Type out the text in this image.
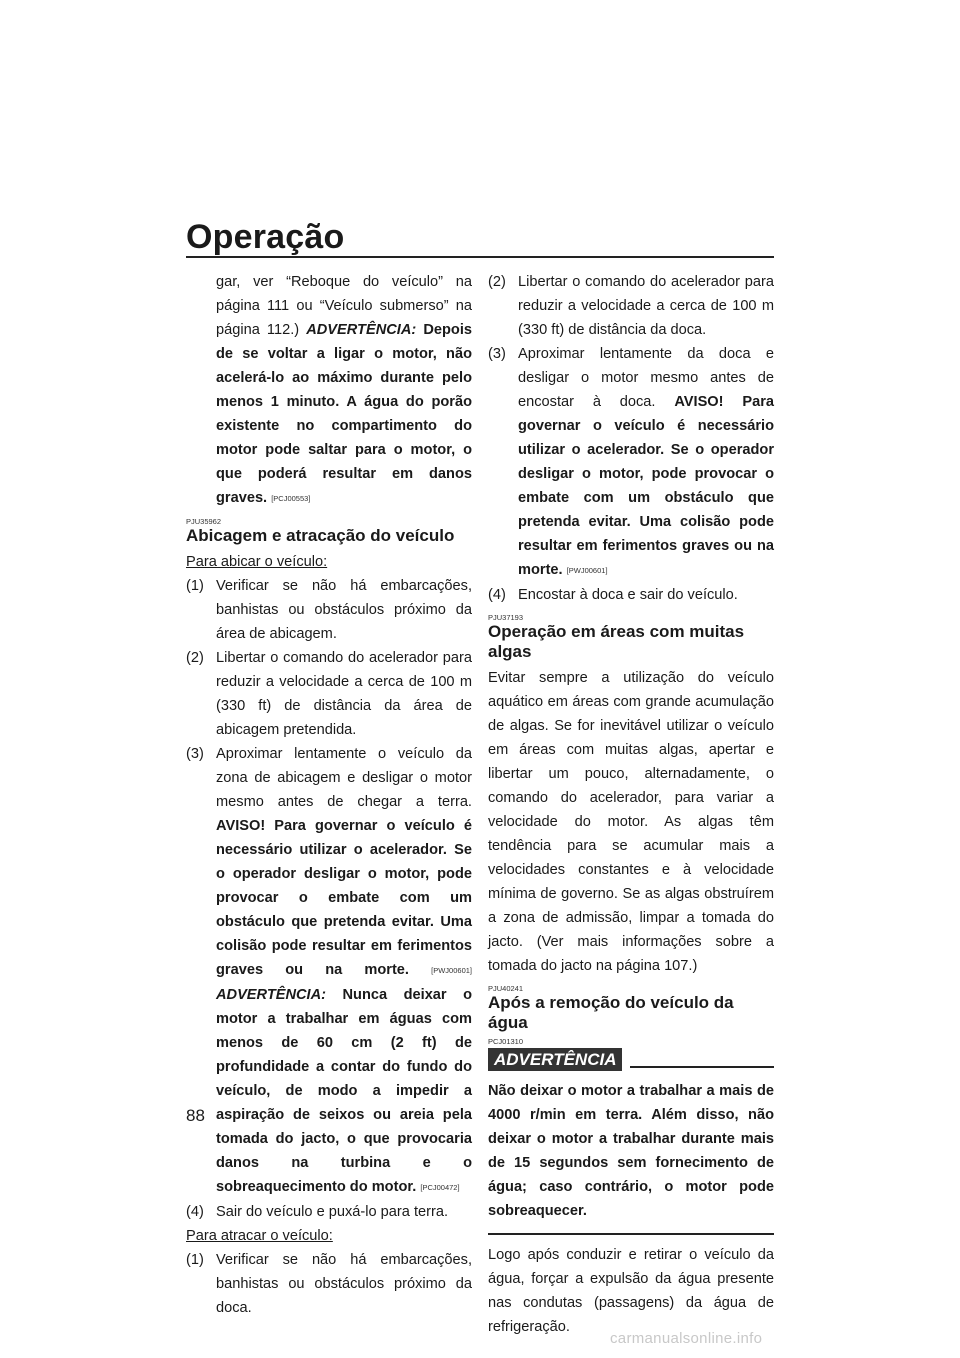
Operação
88
gar, ver “Reboque do veículo” na página 111 ou “Veículo submerso” na página 112.) ADVERTÊNCIA: Depois de se voltar a ligar o motor, não acelerá-lo ao máximo durante pelo menos 1 minuto. A água do porão existente no compartimento do motor pode saltar para o motor, o que poderá resultar em danos graves. [PCJ00553]
PJU35962
Abicagem e atracação do veículo
Para abicar o veículo:
(1) Verificar se não há embarcações, banhistas ou obstáculos próximo da área de abicagem.
(2) Libertar o comando do acelerador para reduzir a velocidade a cerca de 100 m (330 ft) de distância da área de abicagem pretendida.
(3) Aproximar lentamente o veículo da zona de abicagem e desligar o motor mesmo antes de chegar a terra. AVISO! Para governar o veículo é necessário utilizar o acelerador. Se o operador desligar o motor, pode provocar o embate com um obstáculo que pretenda evitar. Uma colisão pode resultar em ferimentos graves ou na morte.	[PWJ00601] ADVERTÊNCIA: Nunca deixar o motor a trabalhar em águas com menos de 60 cm (2 ft) de profundidade a contar do fundo do veículo, de modo a impedir a aspiração de seixos ou areia pela tomada do jacto, o que provocaria danos na turbina e o sobreaquecimento do motor. [PCJ00472]
(4) Sair do veículo e puxá-lo para terra.
Para atracar o veículo:
(1) Verificar se não há embarcações, banhistas ou obstáculos próximo da doca.
(2) Libertar o comando do acelerador para reduzir a velocidade a cerca de 100 m (330 ft) de distância da doca.
(3) Aproximar lentamente da doca e desligar o motor mesmo antes de encostar à doca. AVISO! Para governar o veículo é necessário utilizar o acelerador. Se o operador desligar o motor, pode provocar o embate com um obstáculo que pretenda evitar. Uma colisão pode resultar em ferimentos graves ou na morte. [PWJ00601]
(4) Encostar à doca e sair do veículo.
PJU37193
Operação em áreas com muitas algas
Evitar sempre a utilização do veículo aquático em áreas com grande acumulação de algas. Se for inevitável utilizar o veículo em áreas com muitas algas, apertar e libertar um pouco, alternadamente, o comando do acelerador, para variar a velocidade do motor. As algas têm tendência para se acumular mais a velocidades constantes e à velocidade mínima de governo. Se as algas obstruírem a zona de admissão, limpar a tomada do jacto. (Ver mais informações sobre a tomada do jacto na página 107.)
PJU40241
Após a remoção do veículo da água
PCJ01310
ADVERTÊNCIA
Não deixar o motor a trabalhar a mais de 4000 r/min em terra. Além disso, não deixar o motor a trabalhar durante mais de 15 segundos sem fornecimento de água; caso contrário, o motor pode sobreaquecer.
Logo após conduzir e retirar o veículo da água, forçar a expulsão da água presente nas condutas (passagens) da água de refrigeração.
carmanualsonline.info
